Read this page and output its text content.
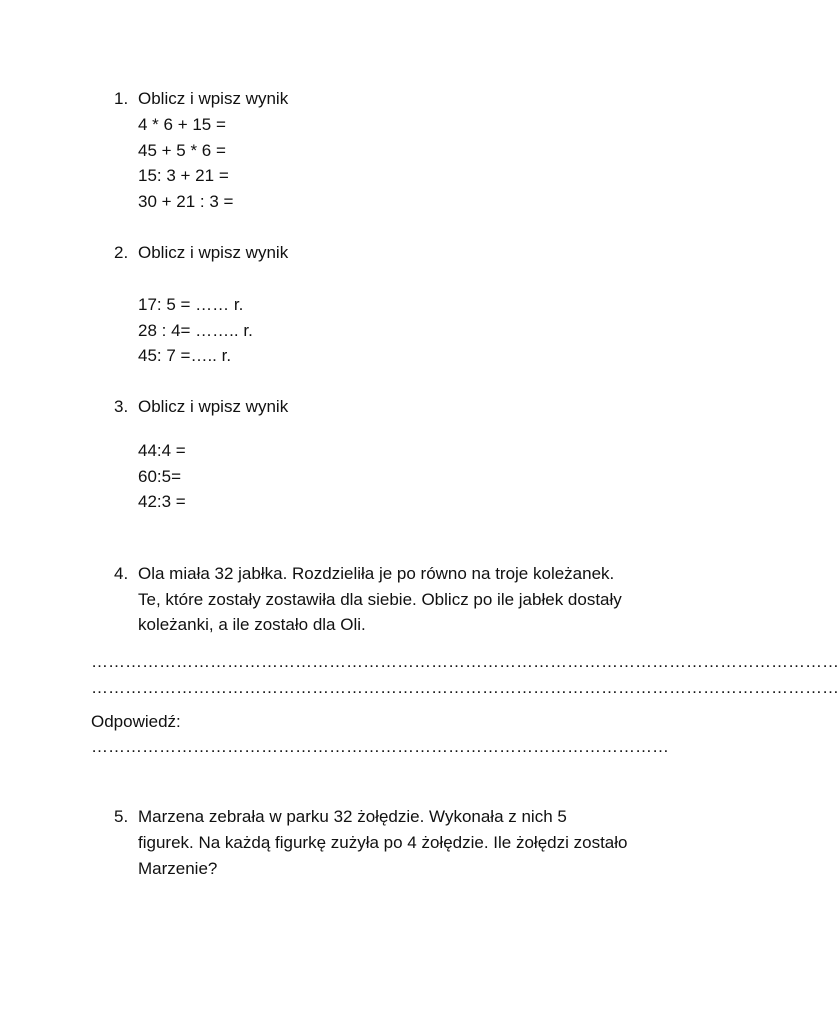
1. Oblicz i wpisz wynik
4 * 6 + 15 =
45 + 5 * 6 =
15: 3 + 21 =
30 + 21 : 3 =
2. Oblicz i wpisz wynik
17: 5 = …… r.
28 : 4= …….. r.
45: 7 =….. r.
3. Oblicz i wpisz wynik
44:4 =
60:5=
42:3 =
4. Ola miała 32 jabłka. Rozdzieliła je po równo na troje koleżanek.
Te, które zostały zostawiła dla siebie. Oblicz po ile jabłek dostały
koleżanki, a ile zostało dla Oli.
……………………………………………………………………………………………………………………
……………………………………………………………………………………………………………………
Odpowiedź:
…………………………………………………………………………………………
5. Marzena zebrała w parku 32 żołędzie. Wykonała z nich 5
figurek. Na każdą figurkę zużyła po 4 żołędzie. Ile żołędzi zostało
Marzenie?
